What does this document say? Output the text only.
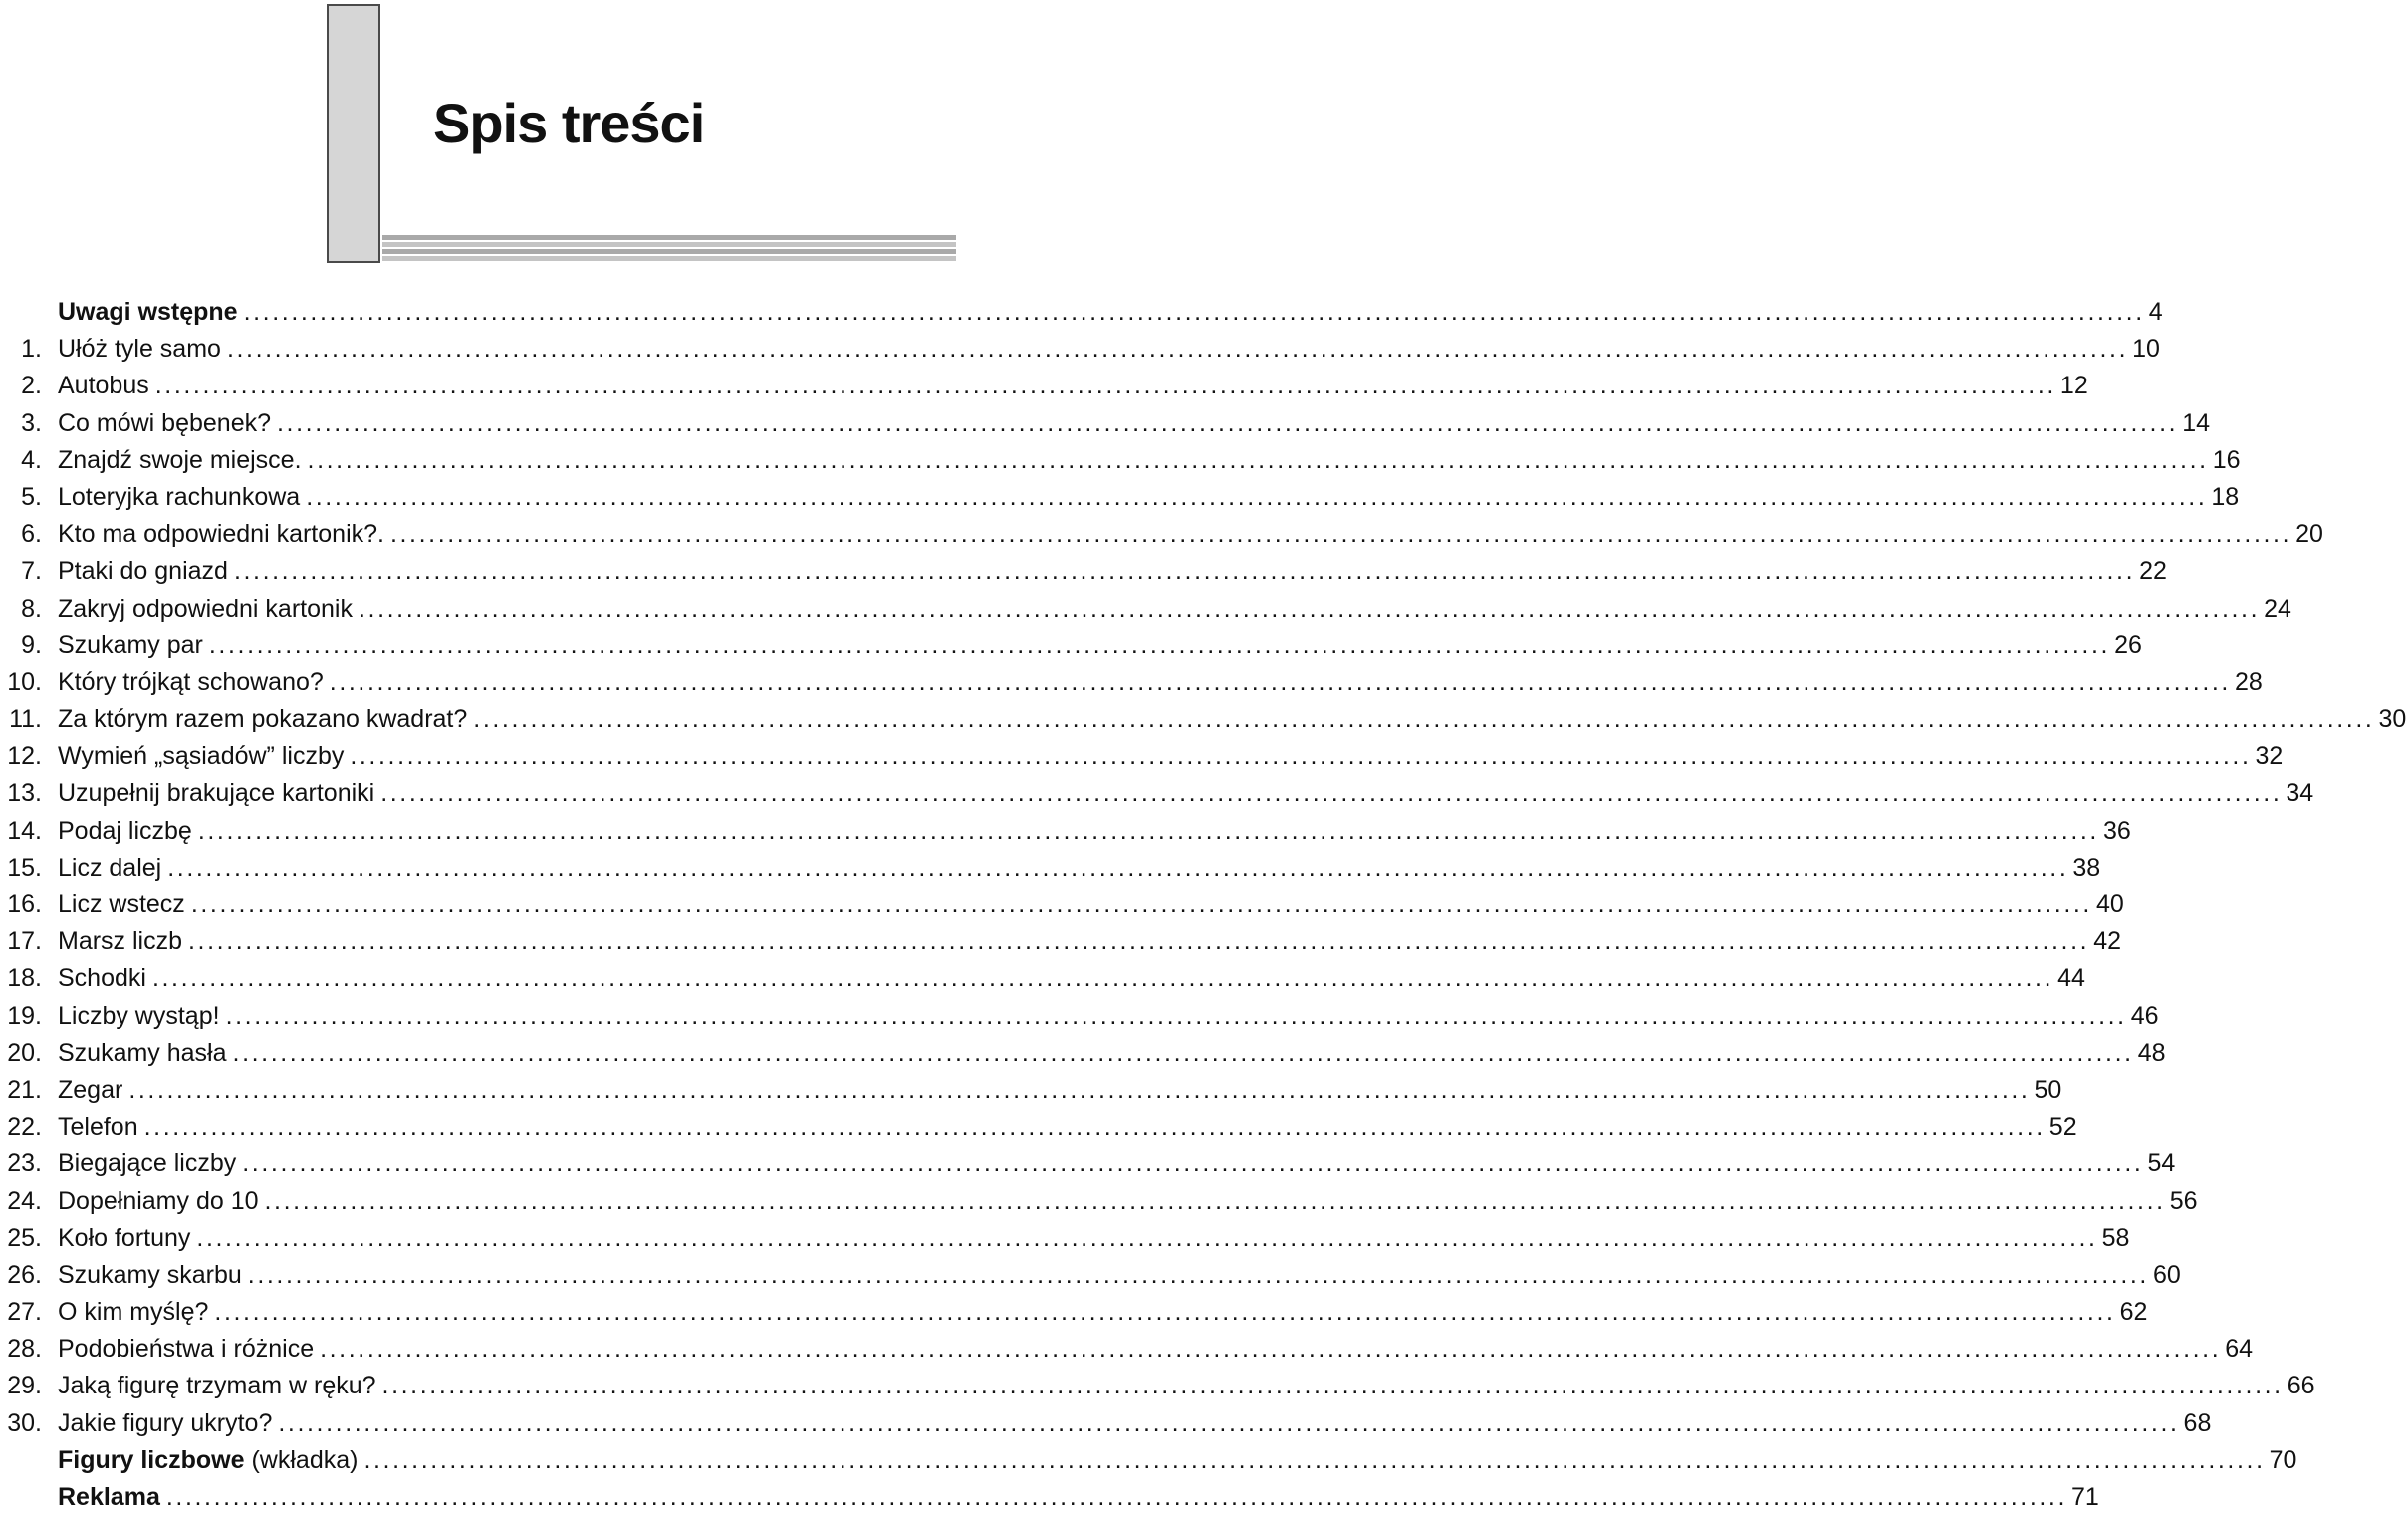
Spis treści
Uwagi wstępne ........................................................................................................................................................................................................ 4
1. Ułóż tyle samo ........................................................................................................................................................................................................ 10
2. Autobus ........................................................................................................................................................................................................ 12
3. Co mówi bębenek? ........................................................................................................................................................................................................ 14
4. Znajdź swoje miejsce. ........................................................................................................................................................................................................ 16
5. Loteryjka rachunkowa ........................................................................................................................................................................................................ 18
6. Kto ma odpowiedni kartonik?. ........................................................................................................................................................................................................ 20
7. Ptaki do gniazd ........................................................................................................................................................................................................ 22
8. Zakryj odpowiedni kartonik ........................................................................................................................................................................................................ 24
9. Szukamy par ........................................................................................................................................................................................................ 26
10. Który trójkąt schowano? ........................................................................................................................................................................................................ 28
11. Za którym razem pokazano kwadrat? ........................................................................................................................................................................................................ 30
12. Wymień „sąsiadów” liczby ........................................................................................................................................................................................................ 32
13. Uzupełnij brakujące kartoniki ........................................................................................................................................................................................................ 34
14. Podaj liczbę ........................................................................................................................................................................................................ 36
15. Licz dalej ........................................................................................................................................................................................................ 38
16. Licz wstecz ........................................................................................................................................................................................................ 40
17. Marsz liczb ........................................................................................................................................................................................................ 42
18. Schodki ........................................................................................................................................................................................................ 44
19. Liczby wystąp! ........................................................................................................................................................................................................ 46
20. Szukamy hasła ........................................................................................................................................................................................................ 48
21. Zegar ........................................................................................................................................................................................................ 50
22. Telefon ........................................................................................................................................................................................................ 52
23. Biegające liczby ........................................................................................................................................................................................................ 54
24. Dopełniamy do 10 ........................................................................................................................................................................................................ 56
25. Koło fortuny ........................................................................................................................................................................................................ 58
26. Szukamy skarbu ........................................................................................................................................................................................................ 60
27. O kim myślę? ........................................................................................................................................................................................................ 62
28. Podobieństwa i różnice ........................................................................................................................................................................................................ 64
29. Jaką figurę trzymam w ręku? ........................................................................................................................................................................................................ 66
30. Jakie figury ukryto? ........................................................................................................................................................................................................ 68
Figury liczbowe (wkładka) ........................................................................................................................................................................................................ 70
Reklama ........................................................................................................................................................................................................ 71
